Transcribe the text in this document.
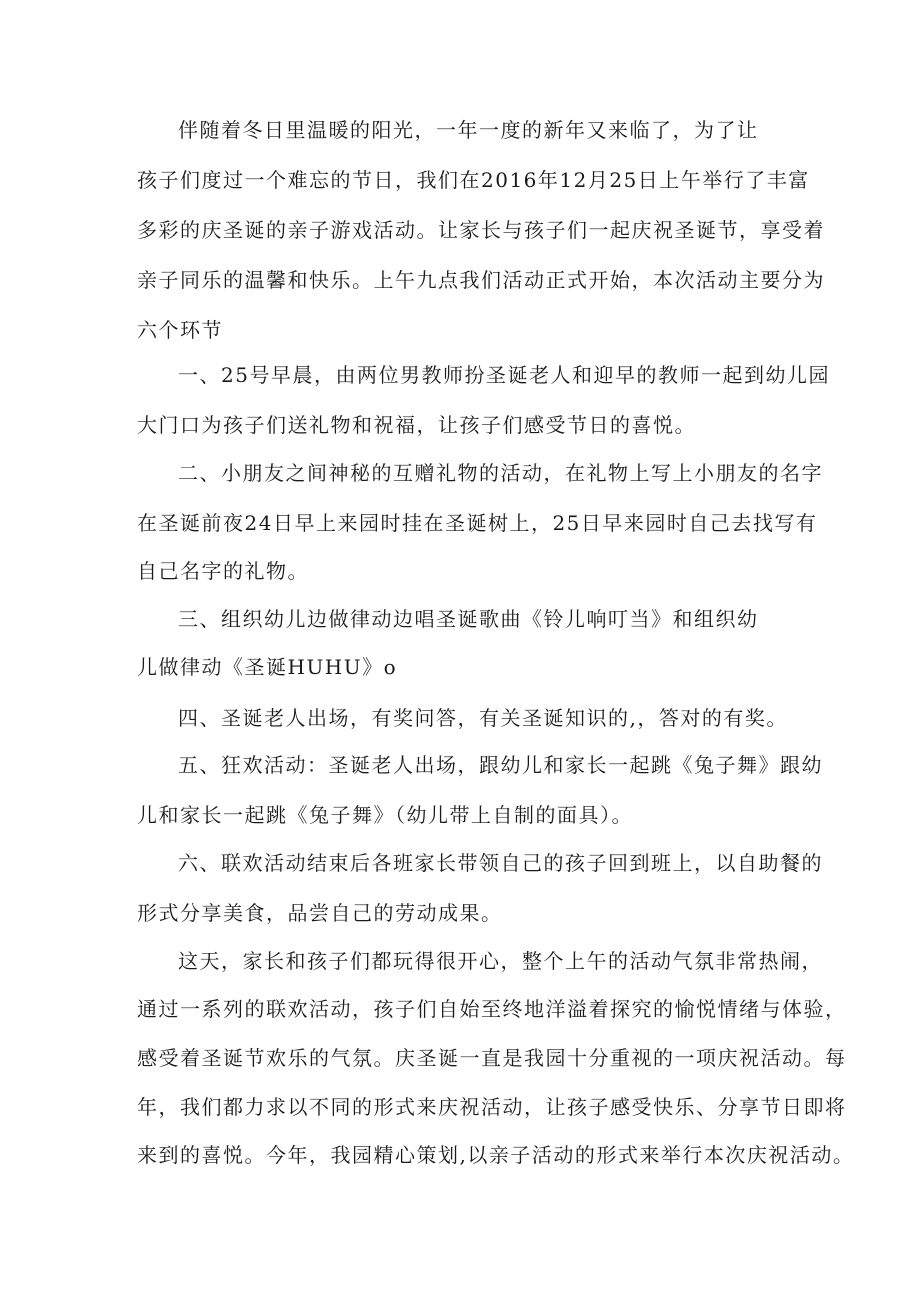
伴随着冬日里温暖的阳光，一年一度的新年又来临了，为了让
孩子们度过一个难忘的节日，我们在2016年12月25日上午举行了丰富
多彩的庆圣诞的亲子游戏活动。让家长与孩子们一起庆祝圣诞节，享受着
亲子同乐的温馨和快乐。上午九点我们活动正式开始，本次活动主要分为
六个环节
一、25号早晨，由两位男教师扮圣诞老人和迎早的教师一起到幼儿园
大门口为孩子们送礼物和祝福，让孩子们感受节日的喜悦。
二、小朋友之间神秘的互赠礼物的活动，在礼物上写上小朋友的名字
在圣诞前夜24日早上来园时挂在圣诞树上，25日早来园时自己去找写有
自己名字的礼物。
三、组织幼儿边做律动边唱圣诞歌曲《铃儿响叮当》和组织幼
儿做律动《圣诞HUHU》o
四、圣诞老人出场，有奖问答，有关圣诞知识的,，答对的有奖。
五、狂欢活动：圣诞老人出场，跟幼儿和家长一起跳《兔子舞》跟幼
儿和家长一起跳《兔子舞》（幼儿带上自制的面具）。
六、联欢活动结束后各班家长带领自己的孩子回到班上，以自助餐的
形式分享美食，品尝自己的劳动成果。
这天，家长和孩子们都玩得很开心，整个上午的活动气氛非常热闹，
通过一系列的联欢活动，孩子们自始至终地洋溢着探究的愉悦情绪与体验，
感受着圣诞节欢乐的气氛。庆圣诞一直是我园十分重视的一项庆祝活动。每
年，我们都力求以不同的形式来庆祝活动，让孩子感受快乐、分享节日即将
来到的喜悦。今年，我园精心策划,以亲子活动的形式来举行本次庆祝活动。
